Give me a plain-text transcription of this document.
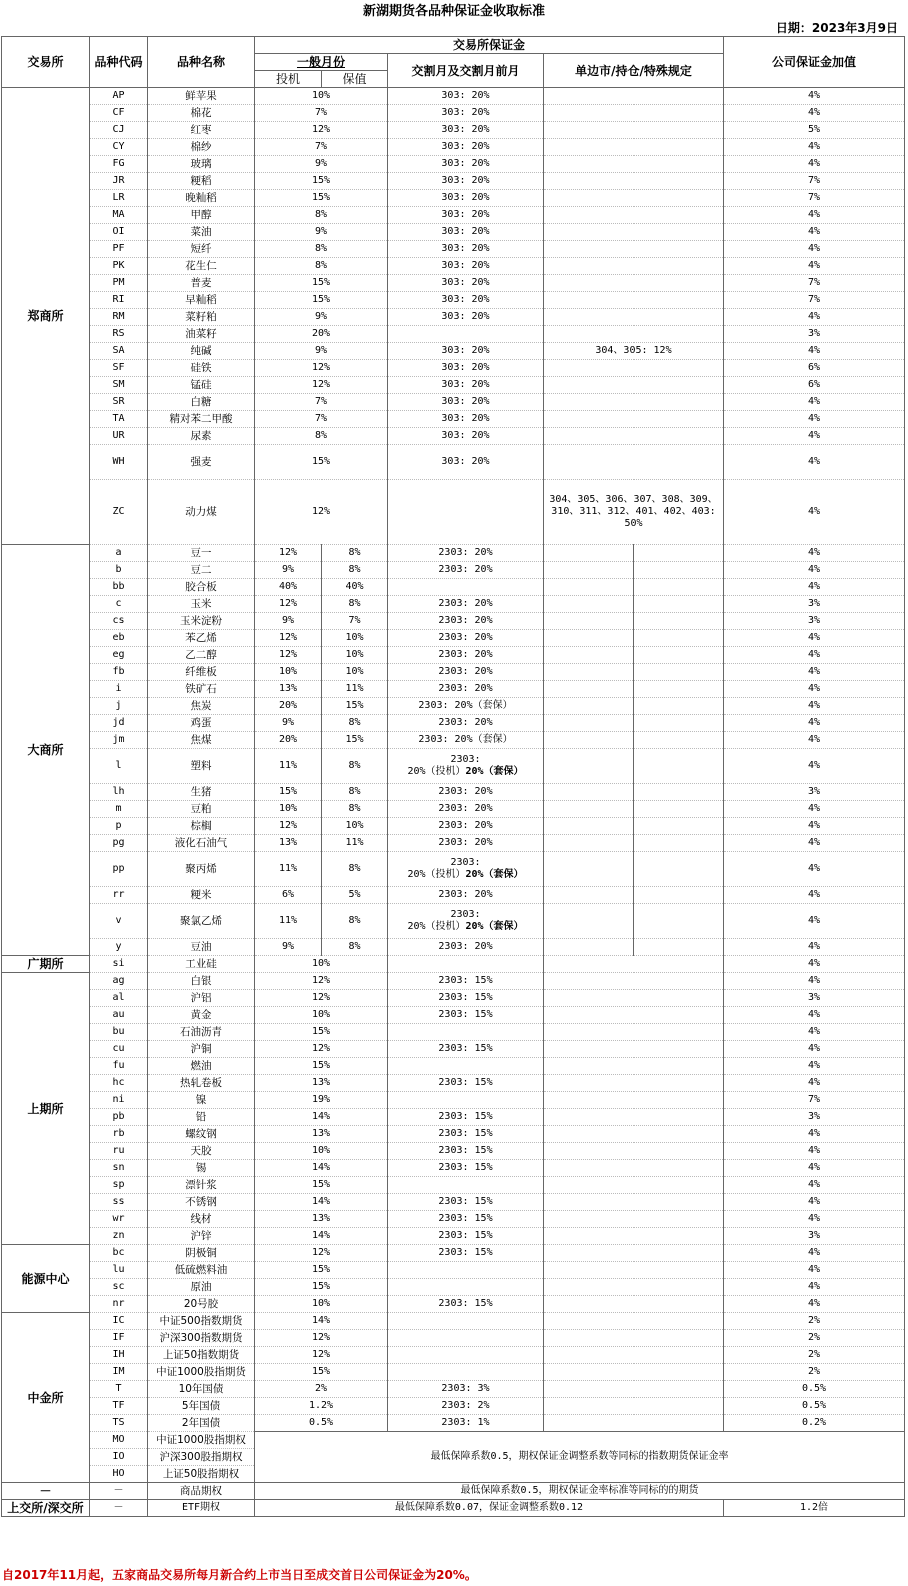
新湖期货各品种保证金收取标准
日期：2023年3月9日
交易所	品种代码	品种名称	交易所保证金					公司保证金加值
			一般月份		交割月及交割月前月	单边市/持仓/特殊规定		
			投机	保值				
郑商所	AP	鲜苹果	10%		303: 20%			4%
	CF	棉花	7%		303: 20%			4%
	CJ	红枣	12%		303: 20%			5%
	CY	棉纱	7%		303: 20%			4%
	FG	玻璃	9%		303: 20%			4%
	JR	粳稻	15%		303: 20%			7%
	LR	晚籼稻	15%		303: 20%			7%
	MA	甲醇	8%		303: 20%			4%
	OI	菜油	9%		303: 20%			4%
	PF	短纤	8%		303: 20%			4%
	PK	花生仁	8%		303: 20%			4%
	PM	普麦	15%		303: 20%			7%
	RI	早籼稻	15%		303: 20%			7%
	RM	菜籽粕	9%		303: 20%			4%
	RS	油菜籽	20%					3%
	SA	纯碱	9%		303: 20%	304、305: 12%		4%
	SF	硅铁	12%		303: 20%			6%
	SM	锰硅	12%		303: 20%			6%
	SR	白糖	7%		303: 20%			4%
	TA	精对苯二甲酸	7%		303: 20%			4%
	UR	尿素	8%		303: 20%			4%
	WH	强麦	15%		303: 20%			4%
	ZC	动力煤	12%			304、305、306、307、308、309、310、311、312、401、402、403: 50%		4%
大商所	a	豆一	12%	8%	2303: 20%			4%
	b	豆二	9%	8%	2303: 20%			4%
	bb	胶合板	40%	40%				4%
	c	玉米	12%	8%	2303: 20%			3%
	cs	玉米淀粉	9%	7%	2303: 20%			3%
	eb	苯乙烯	12%	10%	2303: 20%			4%
	eg	乙二醇	12%	10%	2303: 20%			4%
	fb	纤维板	10%	10%	2303: 20%			4%
	i	铁矿石	13%	11%	2303: 20%			4%
	j	焦炭	20%	15%	2303: 20%（套保）			4%
	jd	鸡蛋	9%	8%	2303: 20%			4%
	jm	焦煤	20%	15%	2303: 20%（套保）			4%
	l	塑料	11%	8%	2303:
20%（投机）20%（套保）			4%
	lh	生猪	15%	8%	2303: 20%			3%
	m	豆粕	10%	8%	2303: 20%			4%
	p	棕榈	12%	10%	2303: 20%			4%
	pg	液化石油气	13%	11%	2303: 20%			4%
	pp	聚丙烯	11%	8%	2303:
20%（投机）20%（套保）			4%
	rr	粳米	6%	5%	2303: 20%			4%
	v	聚氯乙烯	11%	8%	2303:
20%（投机）20%（套保）			4%
	y	豆油	9%	8%	2303: 20%			4%
广期所	si	工业硅	10%					4%
上期所	ag	白银	12%		2303: 15%			4%
	al	沪铝	12%		2303: 15%			3%
	au	黄金	10%		2303: 15%			4%
	bu	石油沥青	15%					4%
	cu	沪铜	12%		2303: 15%			4%
	fu	燃油	15%					4%
	hc	热轧卷板	13%		2303: 15%			4%
	ni	镍	19%					7%
	pb	铅	14%		2303: 15%			3%
	rb	螺纹钢	13%		2303: 15%			4%
	ru	天胶	10%		2303: 15%			4%
	sn	锡	14%		2303: 15%			4%
	sp	漂针浆	15%					4%
	ss	不锈钢	14%		2303: 15%			4%
	wr	线材	13%		2303: 15%			4%
	zn	沪锌	14%		2303: 15%			3%
能源中心	bc	阴极铜	12%		2303: 15%			4%
	lu	低硫燃料油	15%					4%
	sc	原油	15%					4%
	nr	20号胶	10%		2303: 15%			4%
中金所	IC	中证500指数期货	14%					2%
	IF	沪深300指数期货	12%					2%
	IH	上证50指数期货	12%					2%
	IM	中证1000股指期货	15%					2%
	T	10年国债	2%		2303: 3%			0.5%
	TF	5年国债	1.2%		2303: 2%			0.5%
	TS	2年国债	0.5%		2303: 1%			0.2%
	MO	中证1000股指期权	最低保障系数0.5，期权保证金调整系数等同标的指数期货保证金率					
	IO	沪深300股指期权						
	HO	上证50股指期权						
－	－	商品期权	最低保障系数0.5，期权保证金率标准等同标的的期货					
上交所/深交所	－	ETF期权	最低保障系数0.07，保证金调整系数0.12					1.2倍
自2017年11月起，五家商品交易所每月新合约上市当日至成交首日公司保证金为20%。
